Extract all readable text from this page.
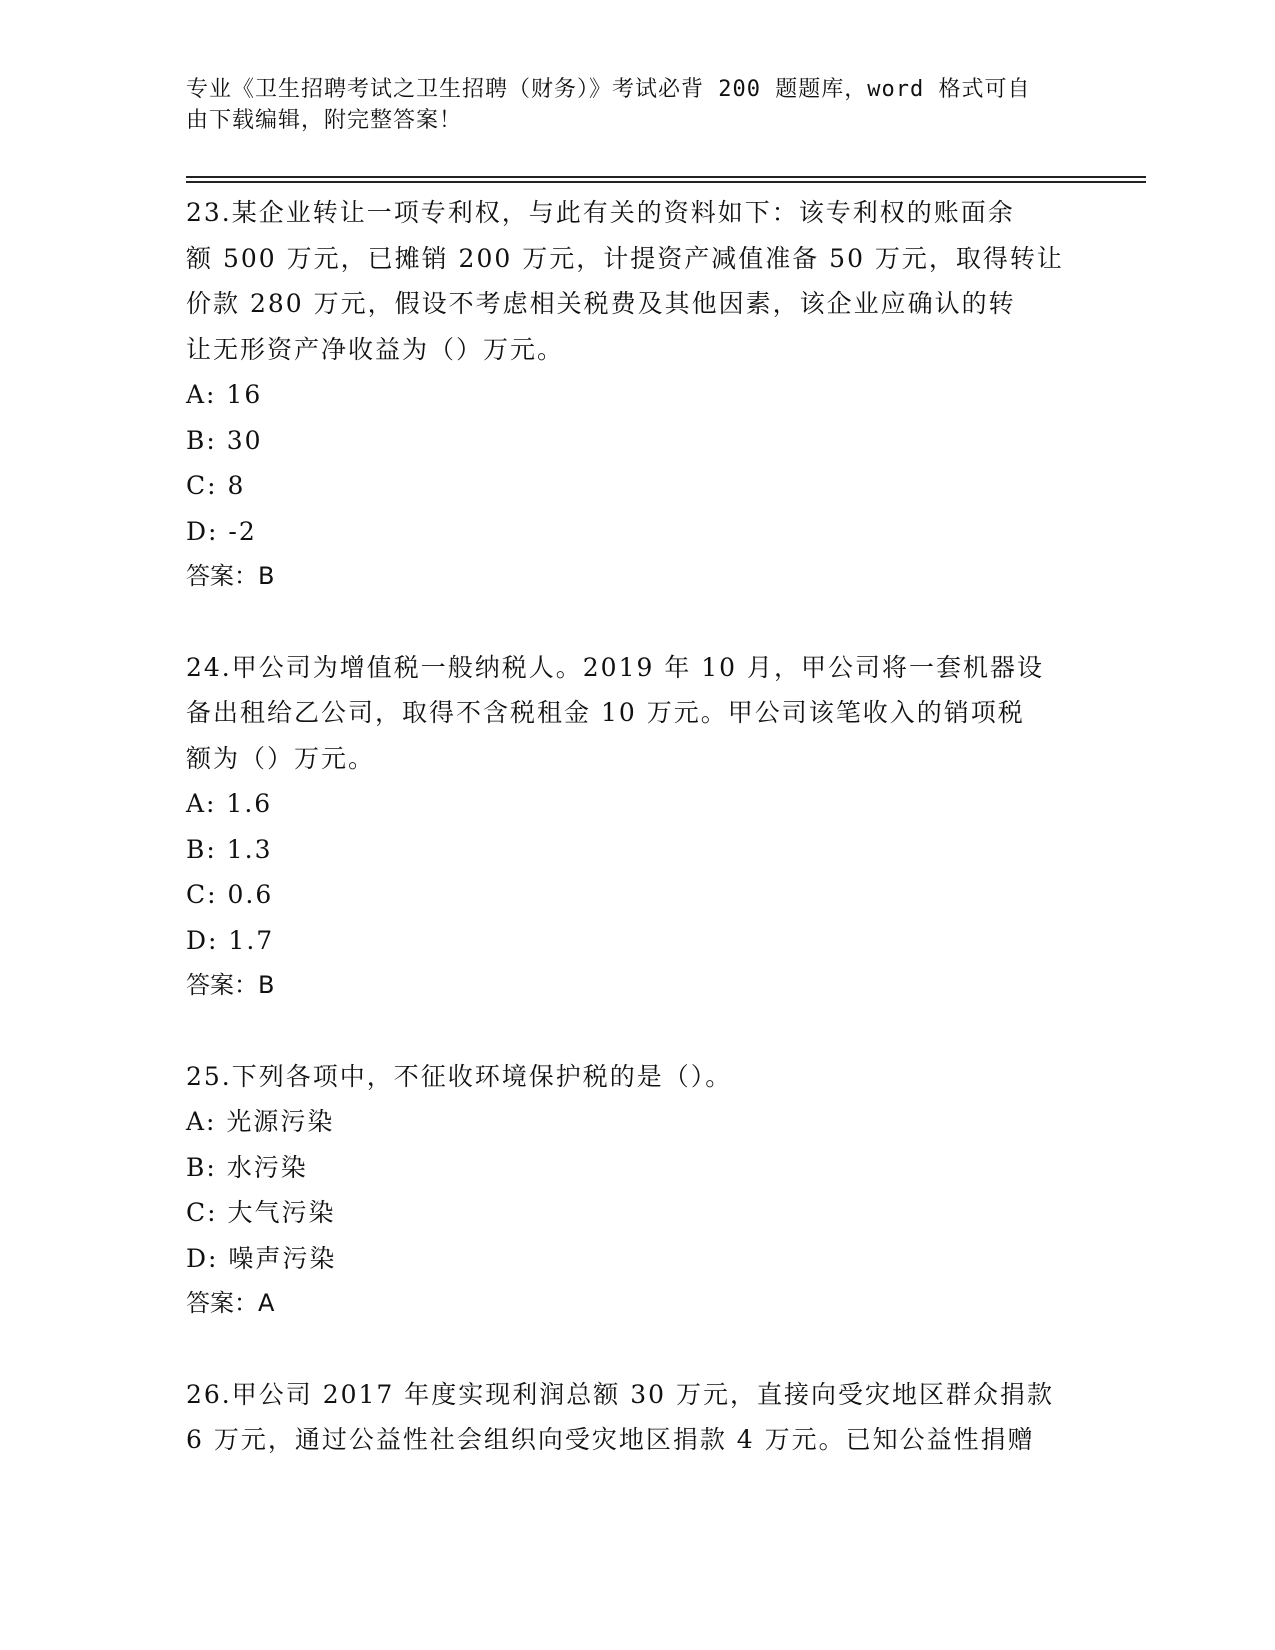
专业《卫生招聘考试之卫生招聘（财务）》考试必背 200 题题库，word 格式可自
由下载编辑，附完整答案！

23.某企业转让一项专利权，与此有关的资料如下：该专利权的账面余

额 500 万元，已摊销 200 万元，计提资产减值准备 50 万元，取得转让

价款 280 万元，假设不考虑相关税费及其他因素，该企业应确认的转

让无形资产净收益为（）万元。

A: 16

B: 30

C: 8

D: -2

答案：B

24.甲公司为增值税一般纳税人。2019 年 10 月，甲公司将一套机器设

备出租给乙公司，取得不含税租金 10 万元。甲公司该笔收入的销项税

额为（）万元。

A: 1.6

B: 1.3

C: 0.6

D: 1.7

答案：B

25.下列各项中，不征收环境保护税的是（）。

A: 光源污染

B: 水污染

C: 大气污染

D: 噪声污染

答案：A

26.甲公司 2017 年度实现利润总额 30 万元，直接向受灾地区群众捐款

6 万元，通过公益性社会组织向受灾地区捐款 4 万元。已知公益性捐赠
